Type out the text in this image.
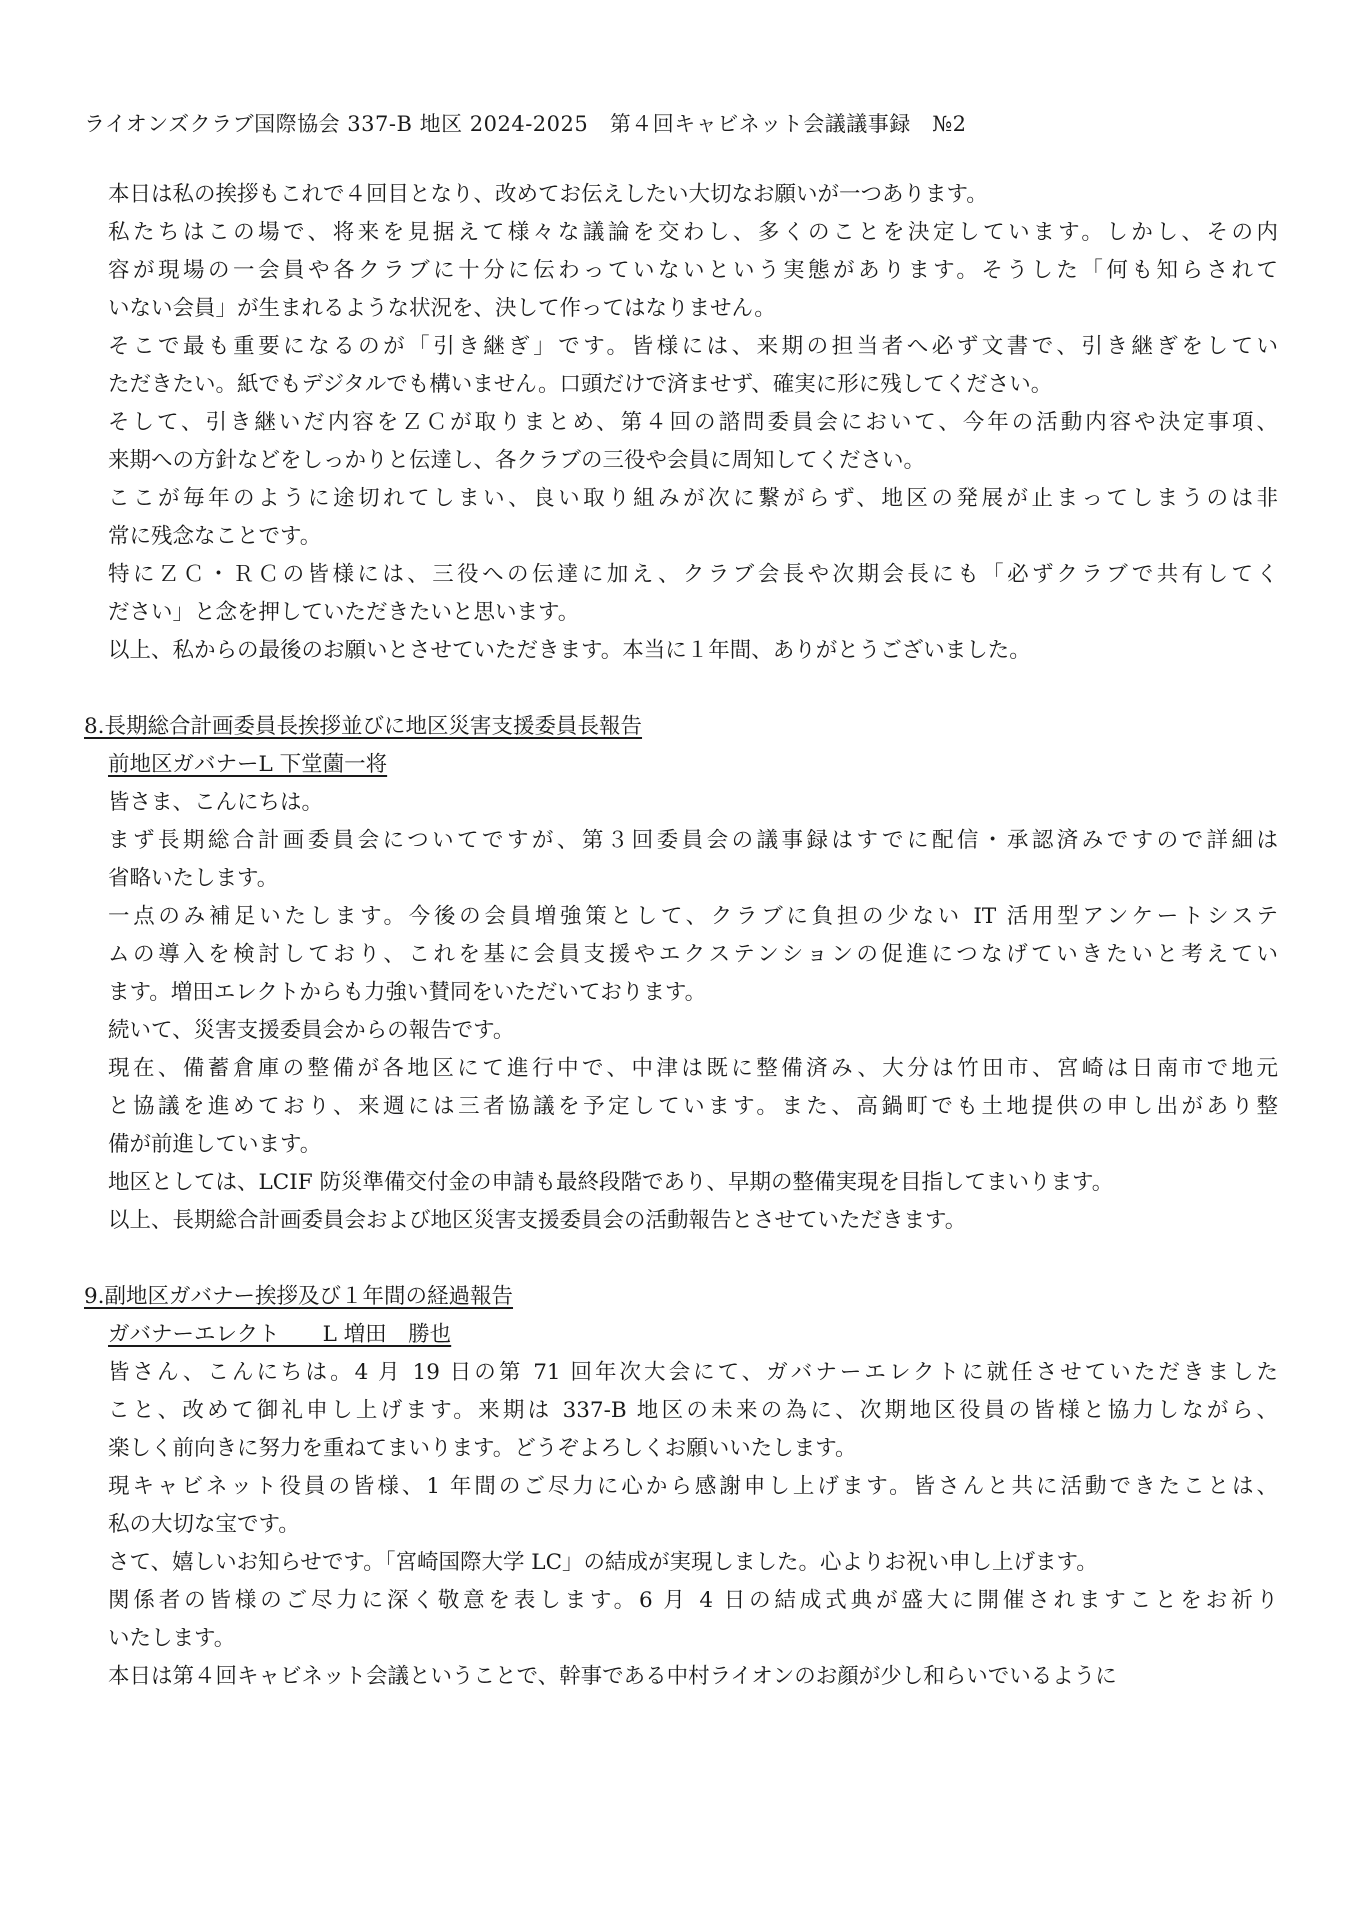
ライオンズクラブ国際協会 337-B 地区 2024-2025　第４回キャビネット会議議事録　№2
本日は私の挨拶もこれで４回目となり、改めてお伝えしたい大切なお願いが一つあります。
私たちはこの場で、将来を見据えて様々な議論を交わし、多くのことを決定しています。しかし、その内
容が現場の一会員や各クラブに十分に伝わっていないという実態があります。そうした「何も知らされて
いない会員」が生まれるような状況を、決して作ってはなりません。
そこで最も重要になるのが「引き継ぎ」です。皆様には、来期の担当者へ必ず文書で、引き継ぎをしてい
ただきたい。紙でもデジタルでも構いません。口頭だけで済ませず、確実に形に残してください。
そして、引き継いだ内容をＺＣが取りまとめ、第４回の諮問委員会において、今年の活動内容や決定事項、
来期への方針などをしっかりと伝達し、各クラブの三役や会員に周知してください。
ここが毎年のように途切れてしまい、良い取り組みが次に繋がらず、地区の発展が止まってしまうのは非
常に残念なことです。
特にＺＣ・ＲＣの皆様には、三役への伝達に加え、クラブ会長や次期会長にも「必ずクラブで共有してく
ださい」と念を押していただきたいと思います。
以上、私からの最後のお願いとさせていただきます。本当に１年間、ありがとうございました。
8.長期総合計画委員長挨拶並びに地区災害支援委員長報告
前地区ガバナーL 下堂薗一将
皆さま、こんにちは。
まず長期総合計画委員会についてですが、第３回委員会の議事録はすでに配信・承認済みですので詳細は
省略いたします。
一点のみ補足いたします。今後の会員増強策として、クラブに負担の少ない IT 活用型アンケートシステ
ムの導入を検討しており、これを基に会員支援やエクステンションの促進につなげていきたいと考えてい
ます。増田エレクトからも力強い賛同をいただいております。
続いて、災害支援委員会からの報告です。
現在、備蓄倉庫の整備が各地区にて進行中で、中津は既に整備済み、大分は竹田市、宮崎は日南市で地元
と協議を進めており、来週には三者協議を予定しています。また、高鍋町でも土地提供の申し出があり整
備が前進しています。
地区としては、LCIF 防災準備交付金の申請も最終段階であり、早期の整備実現を目指してまいります。
以上、長期総合計画委員会および地区災害支援委員会の活動報告とさせていただきます。
9.副地区ガバナー挨拶及び１年間の経過報告
ガバナーエレクト　　L 増田　勝也
皆さん、こんにちは。4 月 19 日の第 71 回年次大会にて、ガバナーエレクトに就任させていただきました
こと、改めて御礼申し上げます。来期は 337-B 地区の未来の為に、次期地区役員の皆様と協力しながら、
楽しく前向きに努力を重ねてまいります。どうぞよろしくお願いいたします。
現キャビネット役員の皆様、1 年間のご尽力に心から感謝申し上げます。皆さんと共に活動できたことは、
私の大切な宝です。
さて、嬉しいお知らせです。「宮崎国際大学 LC」の結成が実現しました。心よりお祝い申し上げます。
関係者の皆様のご尽力に深く敬意を表します。6 月 4 日の結成式典が盛大に開催されますことをお祈り
いたします。
本日は第４回キャビネット会議ということで、幹事である中村ライオンのお顔が少し和らいでいるように
